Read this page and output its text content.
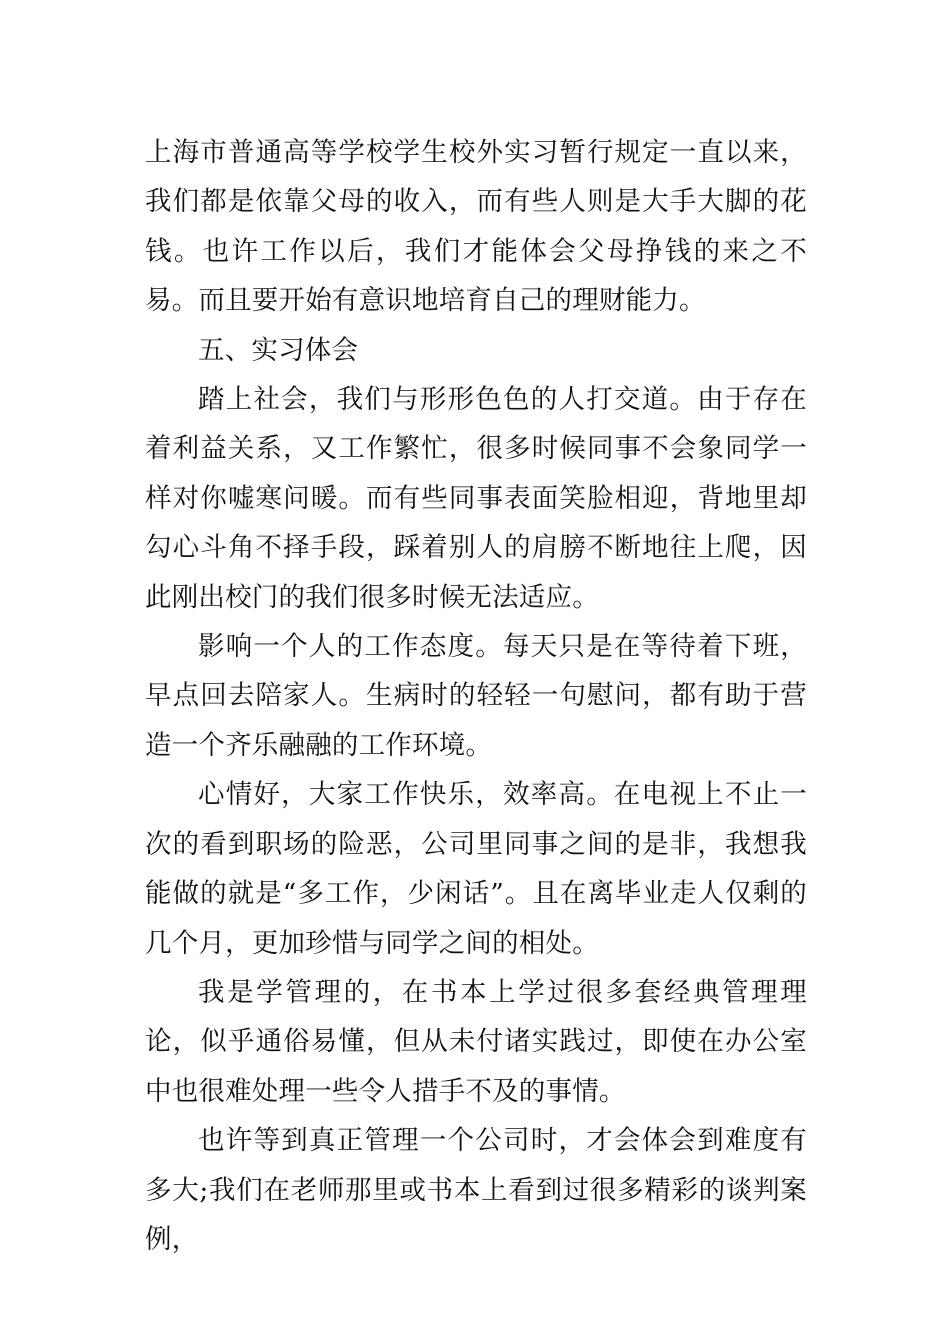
上海市普通高等学校学生校外实习暂行规定一直以来，我们都是依靠父母的收入，而有些人则是大手大脚的花钱。也许工作以后，我们才能体会父母挣钱的来之不易。而且要开始有意识地培育自己的理财能力。

五、实习体会

踏上社会，我们与形形色色的人打交道。由于存在着利益关系，又工作繁忙，很多时候同事不会象同学一样对你嘘寒问暖。而有些同事表面笑脸相迎，背地里却勾心斗角不择手段，踩着别人的肩膀不断地往上爬，因此刚出校门的我们很多时候无法适应。

影响一个人的工作态度。每天只是在等待着下班，早点回去陪家人。生病时的轻轻一句慰问，都有助于营造一个齐乐融融的工作环境。

心情好，大家工作快乐，效率高。在电视上不止一次的看到职场的险恶，公司里同事之间的是非，我想我能做的就是“多工作，少闲话”。且在离毕业走人仅剩的几个月，更加珍惜与同学之间的相处。

我是学管理的，在书本上学过很多套经典管理理论，似乎通俗易懂，但从未付诸实践过，即使在办公室中也很难处理一些令人措手不及的事情。

也许等到真正管理一个公司时，才会体会到难度有多大;我们在老师那里或书本上看到过很多精彩的谈判案例，
